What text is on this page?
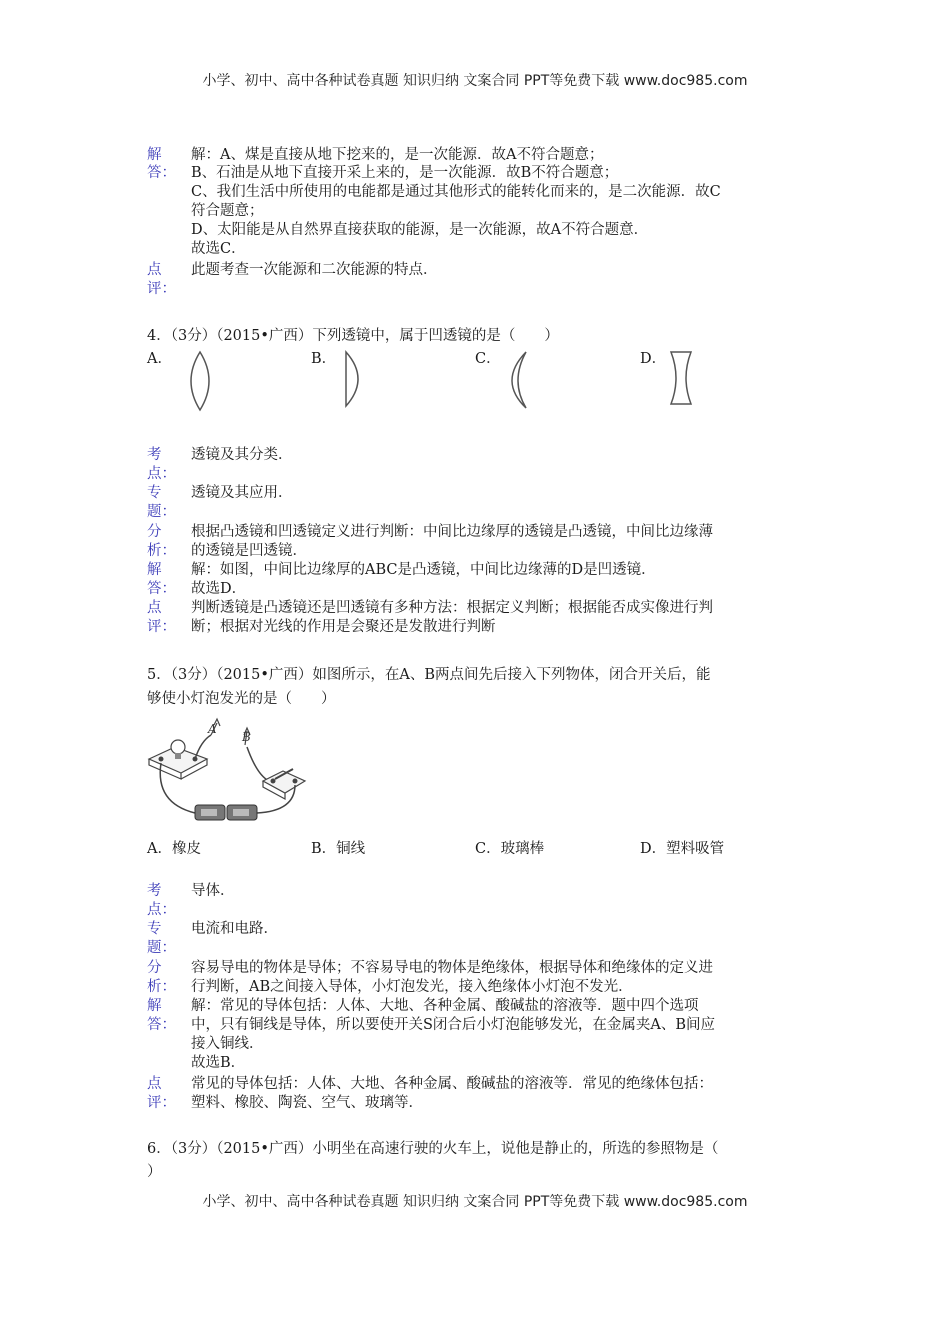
小学、初中、高中各种试卷真题 知识归纳 文案合同 PPT等免费下载 www.doc985.com
解
答：
解：A、煤是直接从地下挖来的，是一次能源．故A不符合题意；
B、石油是从地下直接开采上来的，是一次能源．故B不符合题意；
C、我们生活中所使用的电能都是通过其他形式的能转化而来的，是二次能源．故C
符合题意；
D、太阳能是从自然界直接获取的能源，是一次能源，故A不符合题意．
故选C．
点
评：
此题考查一次能源和二次能源的特点．
4．（3分）（2015•广西）下列透镜中，属于凹透镜的是（　　）
A．	B．	C．	D．
考
点：
透镜及其分类．
专
题：
透镜及其应用．
分
析：
根据凸透镜和凹透镜定义进行判断：中间比边缘厚的透镜是凸透镜，中间比边缘薄
的透镜是凹透镜．
解
答：
解：如图，中间比边缘厚的ABC是凸透镜，中间比边缘薄的D是凹透镜．
故选D．
点
评：
判断透镜是凸透镜还是凹透镜有多种方法：根据定义判断；根据能否成实像进行判
断；根据对光线的作用是会聚还是发散进行判断
5．（3分）（2015•广西）如图所示，在A、B两点间先后接入下列物体，闭合开关后，能
够使小灯泡发光的是（　　）
A
B
A．橡皮	B．铜线	C．玻璃棒	D．塑料吸管
考
点：
导体．
专
题：
电流和电路．
分
析：
容易导电的物体是导体；不容易导电的物体是绝缘体，根据导体和绝缘体的定义进
行判断，AB之间接入导体，小灯泡发光，接入绝缘体小灯泡不发光．
解
答：
解：常见的导体包括：人体、大地、各种金属、酸碱盐的溶液等．题中四个选项
中，只有铜线是导体，所以要使开关S闭合后小灯泡能够发光，在金属夹A、B间应
接入铜线．
故选B．
点
评：
常见的导体包括：人体、大地、各种金属、酸碱盐的溶液等．常见的绝缘体包括：
塑料、橡胶、陶瓷、空气、玻璃等．
6．（3分）（2015•广西）小明坐在高速行驶的火车上，说他是静止的，所选的参照物是（
）
小学、初中、高中各种试卷真题 知识归纳 文案合同 PPT等免费下载 www.doc985.com
